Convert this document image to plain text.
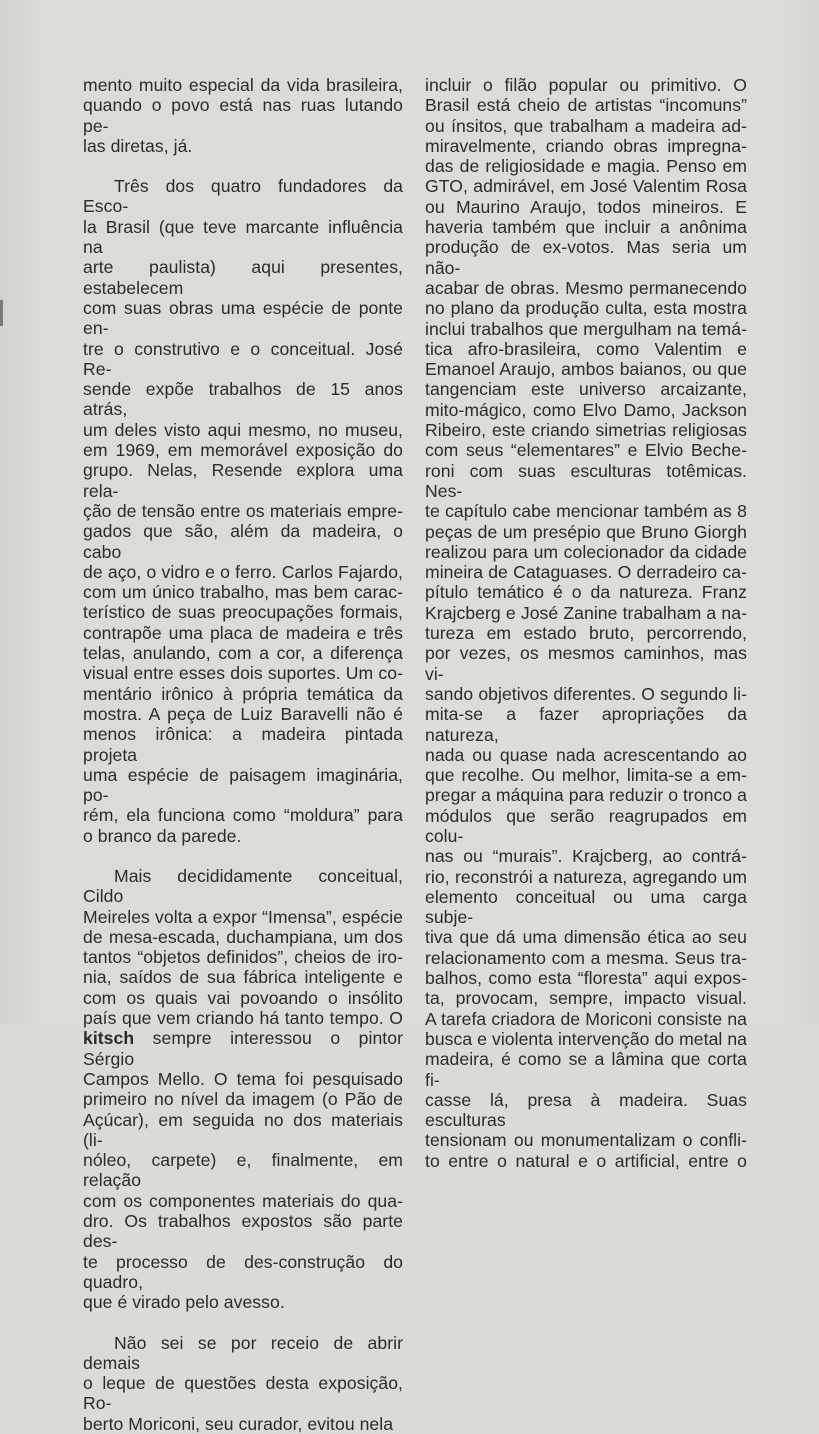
mento muito especial da vida brasileira,
quando o povo está nas ruas lutando pe-
las diretas, já.
Três dos quatro fundadores da Esco-
la Brasil (que teve marcante influência na
arte paulista) aqui presentes, estabelecem
com suas obras uma espécie de ponte en-
tre o construtivo e o conceitual. José Re-
sende expõe trabalhos de 15 anos atrás,
um deles visto aqui mesmo, no museu,
em 1969, em memorável exposição do
grupo. Nelas, Resende explora uma rela-
ção de tensão entre os materiais empre-
gados que são, além da madeira, o cabo
de aço, o vidro e o ferro. Carlos Fajardo,
com um único trabalho, mas bem carac-
terístico de suas preocupações formais,
contrapõe uma placa de madeira e três
telas, anulando, com a cor, a diferença
visual entre esses dois suportes. Um co-
mentário irônico à própria temática da
mostra. A peça de Luiz Baravelli não é
menos irônica: a madeira pintada projeta
uma espécie de paisagem imaginária, po-
rém, ela funciona como “moldura” para
o branco da parede.
Mais decididamente conceitual, Cildo
Meireles volta a expor “Imensa”, espécie
de mesa-escada, duchampiana, um dos
tantos “objetos definidos”, cheios de iro-
nia, saídos de sua fábrica inteligente e
com os quais vai povoando o insólito
país que vem criando há tanto tempo. O
kitsch sempre interessou o pintor Sérgio
Campos Mello. O tema foi pesquisado
primeiro no nível da imagem (o Pão de
Açúcar), em seguida no dos materiais (li-
nóleo, carpete) e, finalmente, em relação
com os componentes materiais do qua-
dro. Os trabalhos expostos são parte des-
te processo de des-construção do quadro,
que é virado pelo avesso.
Não sei se por receio de abrir demais
o leque de questões desta exposição, Ro-
berto Moriconi, seu curador, evitou nela
incluir o filão popular ou primitivo. O
Brasil está cheio de artistas “incomuns”
ou ínsitos, que trabalham a madeira ad-
miravelmente, criando obras impregna-
das de religiosidade e magia. Penso em
GTO, admirável, em José Valentim Rosa
ou Maurino Araujo, todos mineiros. E
haveria também que incluir a anônima
produção de ex-votos. Mas seria um não-
acabar de obras. Mesmo permanecendo
no plano da produção culta, esta mostra
inclui trabalhos que mergulham na temá-
tica afro-brasileira, como Valentim e
Emanoel Araujo, ambos baianos, ou que
tangenciam este universo arcaizante,
mito-mágico, como Elvo Damo, Jackson
Ribeiro, este criando simetrias religiosas
com seus “elementares” e Elvio Beche-
roni com suas esculturas totêmicas. Nes-
te capítulo cabe mencionar também as 8
peças de um presépio que Bruno Giorgh
realizou para um colecionador da cidade
mineira de Cataguases. O derradeiro ca-
pítulo temático é o da natureza. Franz
Krajcberg e José Zanine trabalham a na-
tureza em estado bruto, percorrendo,
por vezes, os mesmos caminhos, mas vi-
sando objetivos diferentes. O segundo li-
mita-se a fazer apropriações da natureza,
nada ou quase nada acrescentando ao
que recolhe. Ou melhor, limita-se a em-
pregar a máquina para reduzir o tronco a
módulos que serão reagrupados em colu-
nas ou “murais”. Krajcberg, ao contrá-
rio, reconstrói a natureza, agregando um
elemento conceitual ou uma carga subje-
tiva que dá uma dimensão ética ao seu
relacionamento com a mesma. Seus tra-
balhos, como esta “floresta” aqui expos-
ta, provocam, sempre, impacto visual.
A tarefa criadora de Moriconi consiste na
busca e violenta intervenção do metal na
madeira, é como se a lâmina que corta fi-
casse lá, presa à madeira. Suas esculturas
tensionam ou monumentalizam o confli-
to entre o natural e o artificial, entre o
